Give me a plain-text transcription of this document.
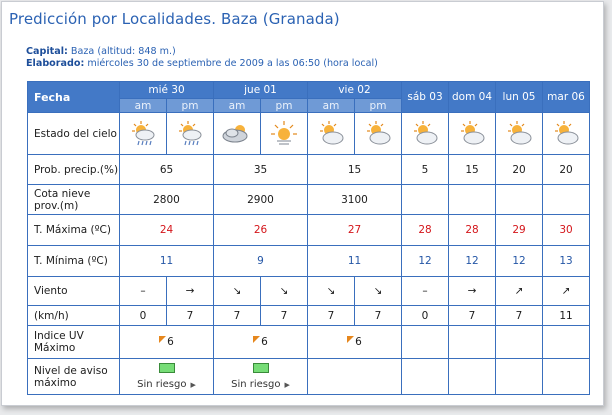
Predicción por Localidades. Baza (Granada)
Capital: Baza (altitud: 848 m.)
Elaborado: miércoles 30 de septiembre de 2009 a las 06:50 (hora local)
Fecha	mié 30		jue 01		vie 02		sáb 03	dom 04	lun 05	mar 06
	am	pm	am	pm	am	pm				
Estado del cielo	

Prob. precip.(%)	65		35		15		5	15	20	20
Cota nieve prov.(m)	2800		2900		3100					
T. Máxima (ºC)	24		26		27		28	28	29	30
T. Mínima (ºC)	11		9		11		12	12	12	13
Viento	–	→	↘	↘	↘	↘	–	→	↗	↗
(km/h)	0	7	7	7	7	7	0	7	7	11
Indice UV Máximo	6		6		6					
Nivel de aviso máximo	Sin riesgo ▶		Sin riesgo ▶							
